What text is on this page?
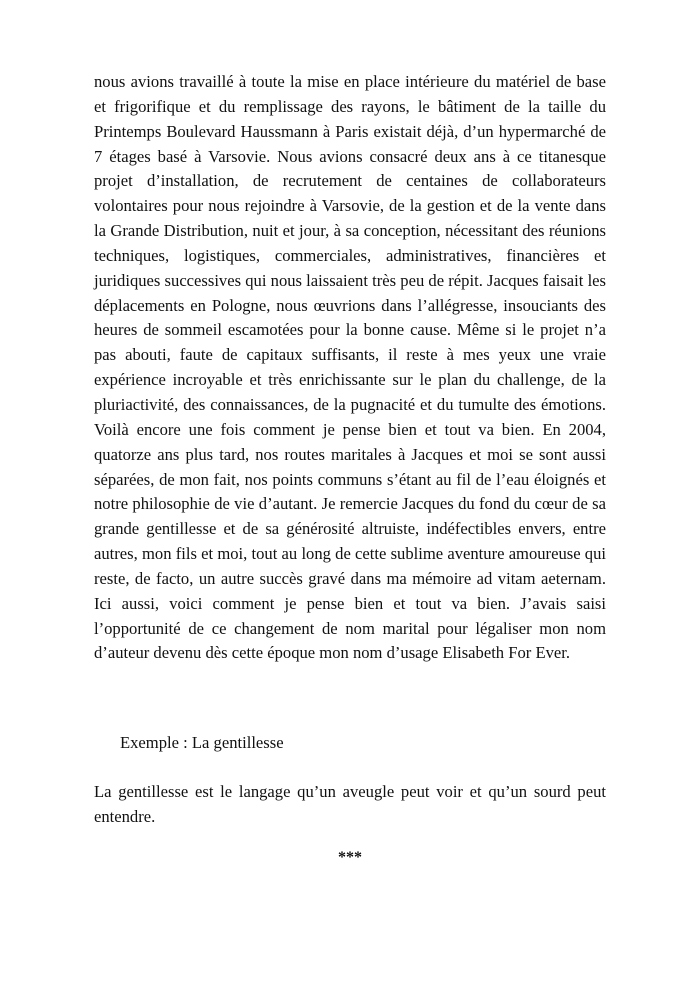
nous avions travaillé à toute la mise en place intérieure du matériel de base et frigorifique et du remplissage des rayons, le bâtiment de la taille du Printemps Boulevard Haussmann à Paris existait déjà, d’un hypermarché de 7 étages basé à Varsovie. Nous avions consacré deux ans à ce titanesque projet d’installation, de recrutement de centaines de collaborateurs volontaires pour nous rejoindre à Varsovie, de la gestion et de la vente dans la Grande Distribution, nuit et jour, à sa conception, nécessitant des réunions techniques, logistiques, commerciales, administratives, financières et juridiques successives qui nous laissaient très peu de répit. Jacques faisait les déplacements en Pologne, nous œuvrions dans l’allégresse, insouciants des heures de sommeil escamotées pour la bonne cause. Même si le projet n’a pas abouti, faute de capitaux suffisants, il reste à mes yeux une vraie expérience incroyable et très enrichissante sur le plan du challenge, de la pluriactivité, des connaissances, de la pugnacité et du tumulte des émotions. Voilà encore une fois comment je pense bien et tout va bien. En 2004, quatorze ans plus tard, nos routes maritales à Jacques et moi se sont aussi séparées, de mon fait, nos points communs s’étant au fil de l’eau éloignés et notre philosophie de vie d’autant. Je remercie Jacques du fond du cœur de sa grande gentillesse et de sa générosité altruiste, indéfectibles envers, entre autres, mon fils et moi, tout au long de cette sublime aventure amoureuse qui reste, de facto, un autre succès gravé dans ma mémoire ad vitam aeternam. Ici aussi, voici comment je pense bien et tout va bien. J’avais saisi l’opportunité de ce changement de nom marital pour légaliser mon nom d’auteur devenu dès cette époque mon nom d’usage Elisabeth For Ever.

Exemple : La gentillesse

La gentillesse est le langage qu’un aveugle peut voir et qu’un sourd peut entendre.

***
